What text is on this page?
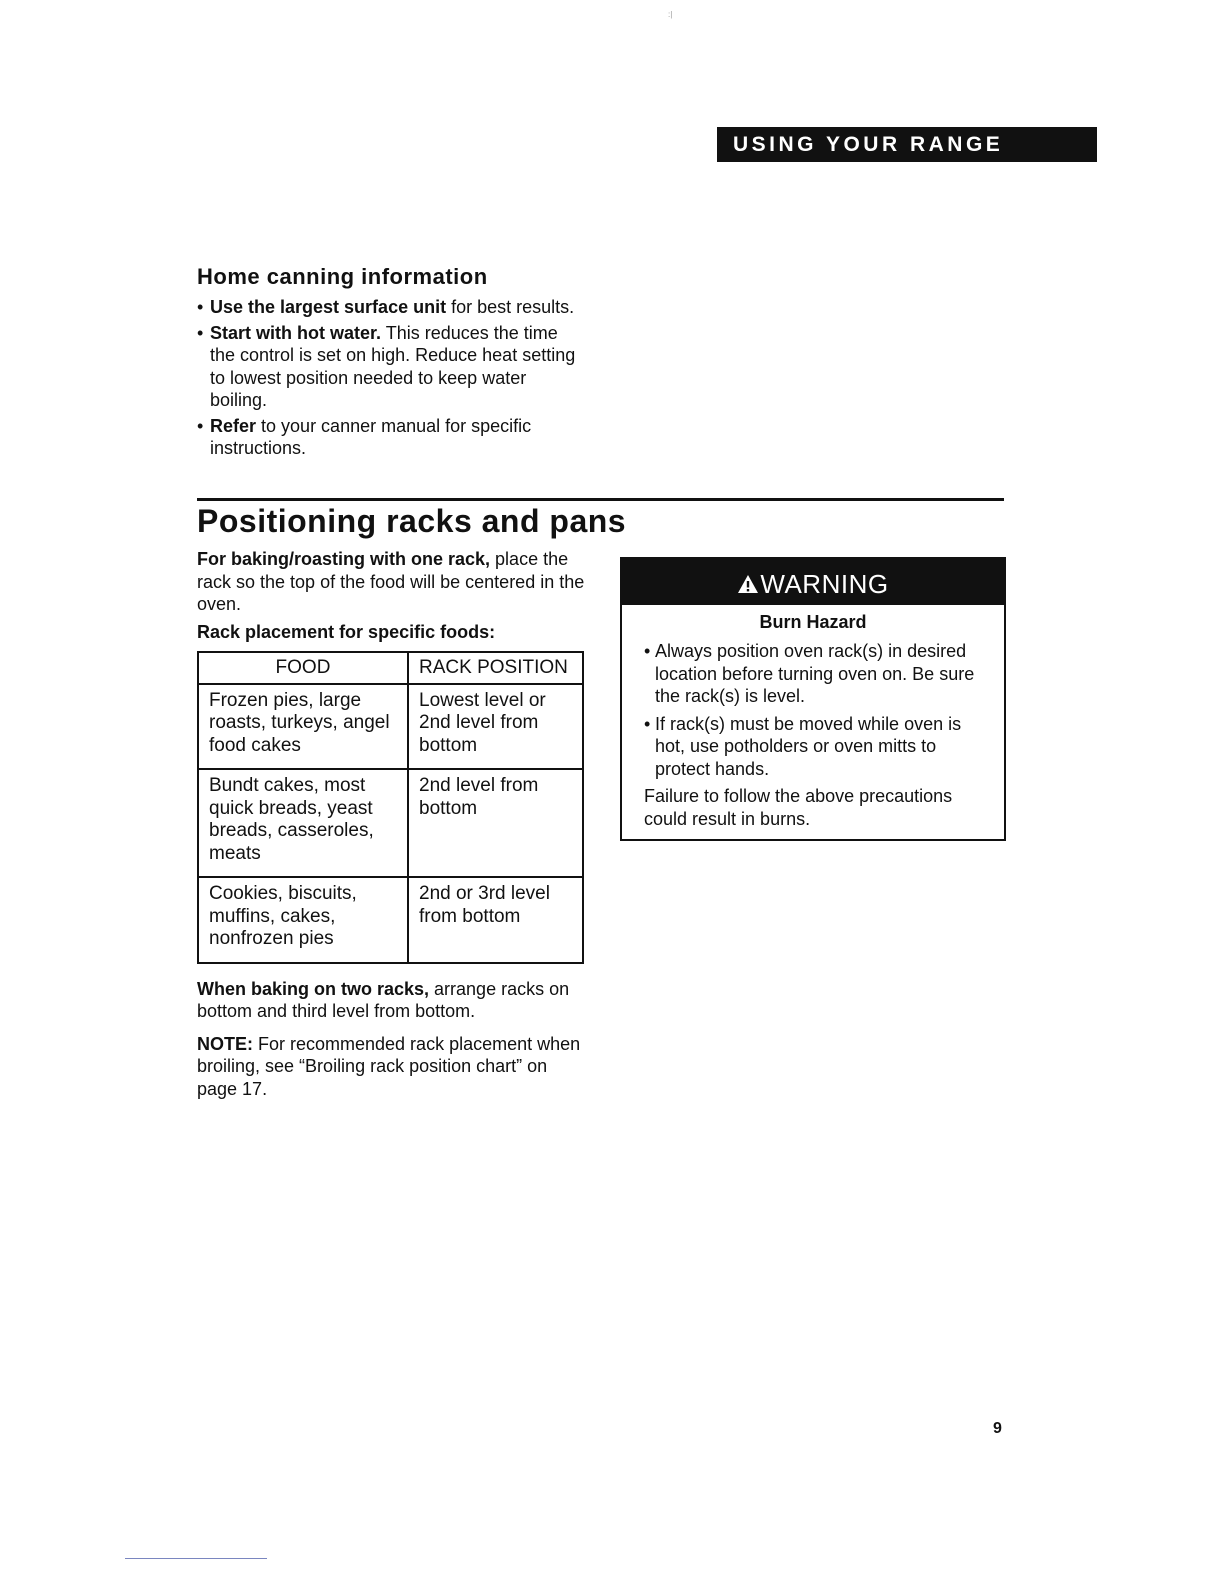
:|
USING YOUR RANGE
Home canning information
• Use the largest surface unit for best results.
• Start with hot water. This reduces the time the control is set on high. Reduce heat setting to lowest position needed to keep water boiling.
• Refer to your canner manual for specific instructions.
Positioning racks and pans

For baking/roasting with one rack, place the rack so the top of the food will be centered in the oven.

Rack placement for specific foods:
FOOD	RACK POSITION
Frozen pies, large roasts, turkeys, angel food cakes	Lowest level or 2nd level from bottom
Bundt cakes, most quick breads, yeast breads, casseroles, meats	2nd level from bottom
Cookies, biscuits, muffins, cakes, nonfrozen pies	2nd or 3rd level from bottom

When baking on two racks, arrange racks on bottom and third level from bottom.

NOTE: For recommended rack placement when broiling, see “Broiling rack position chart” on page 17.

WARNING
Burn Hazard
• Always position oven rack(s) in desired location before turning oven on. Be sure the rack(s) is level.
• If rack(s) must be moved while oven is hot, use potholders or oven mitts to protect hands.

Failure to follow the above precautions could result in burns.

9
